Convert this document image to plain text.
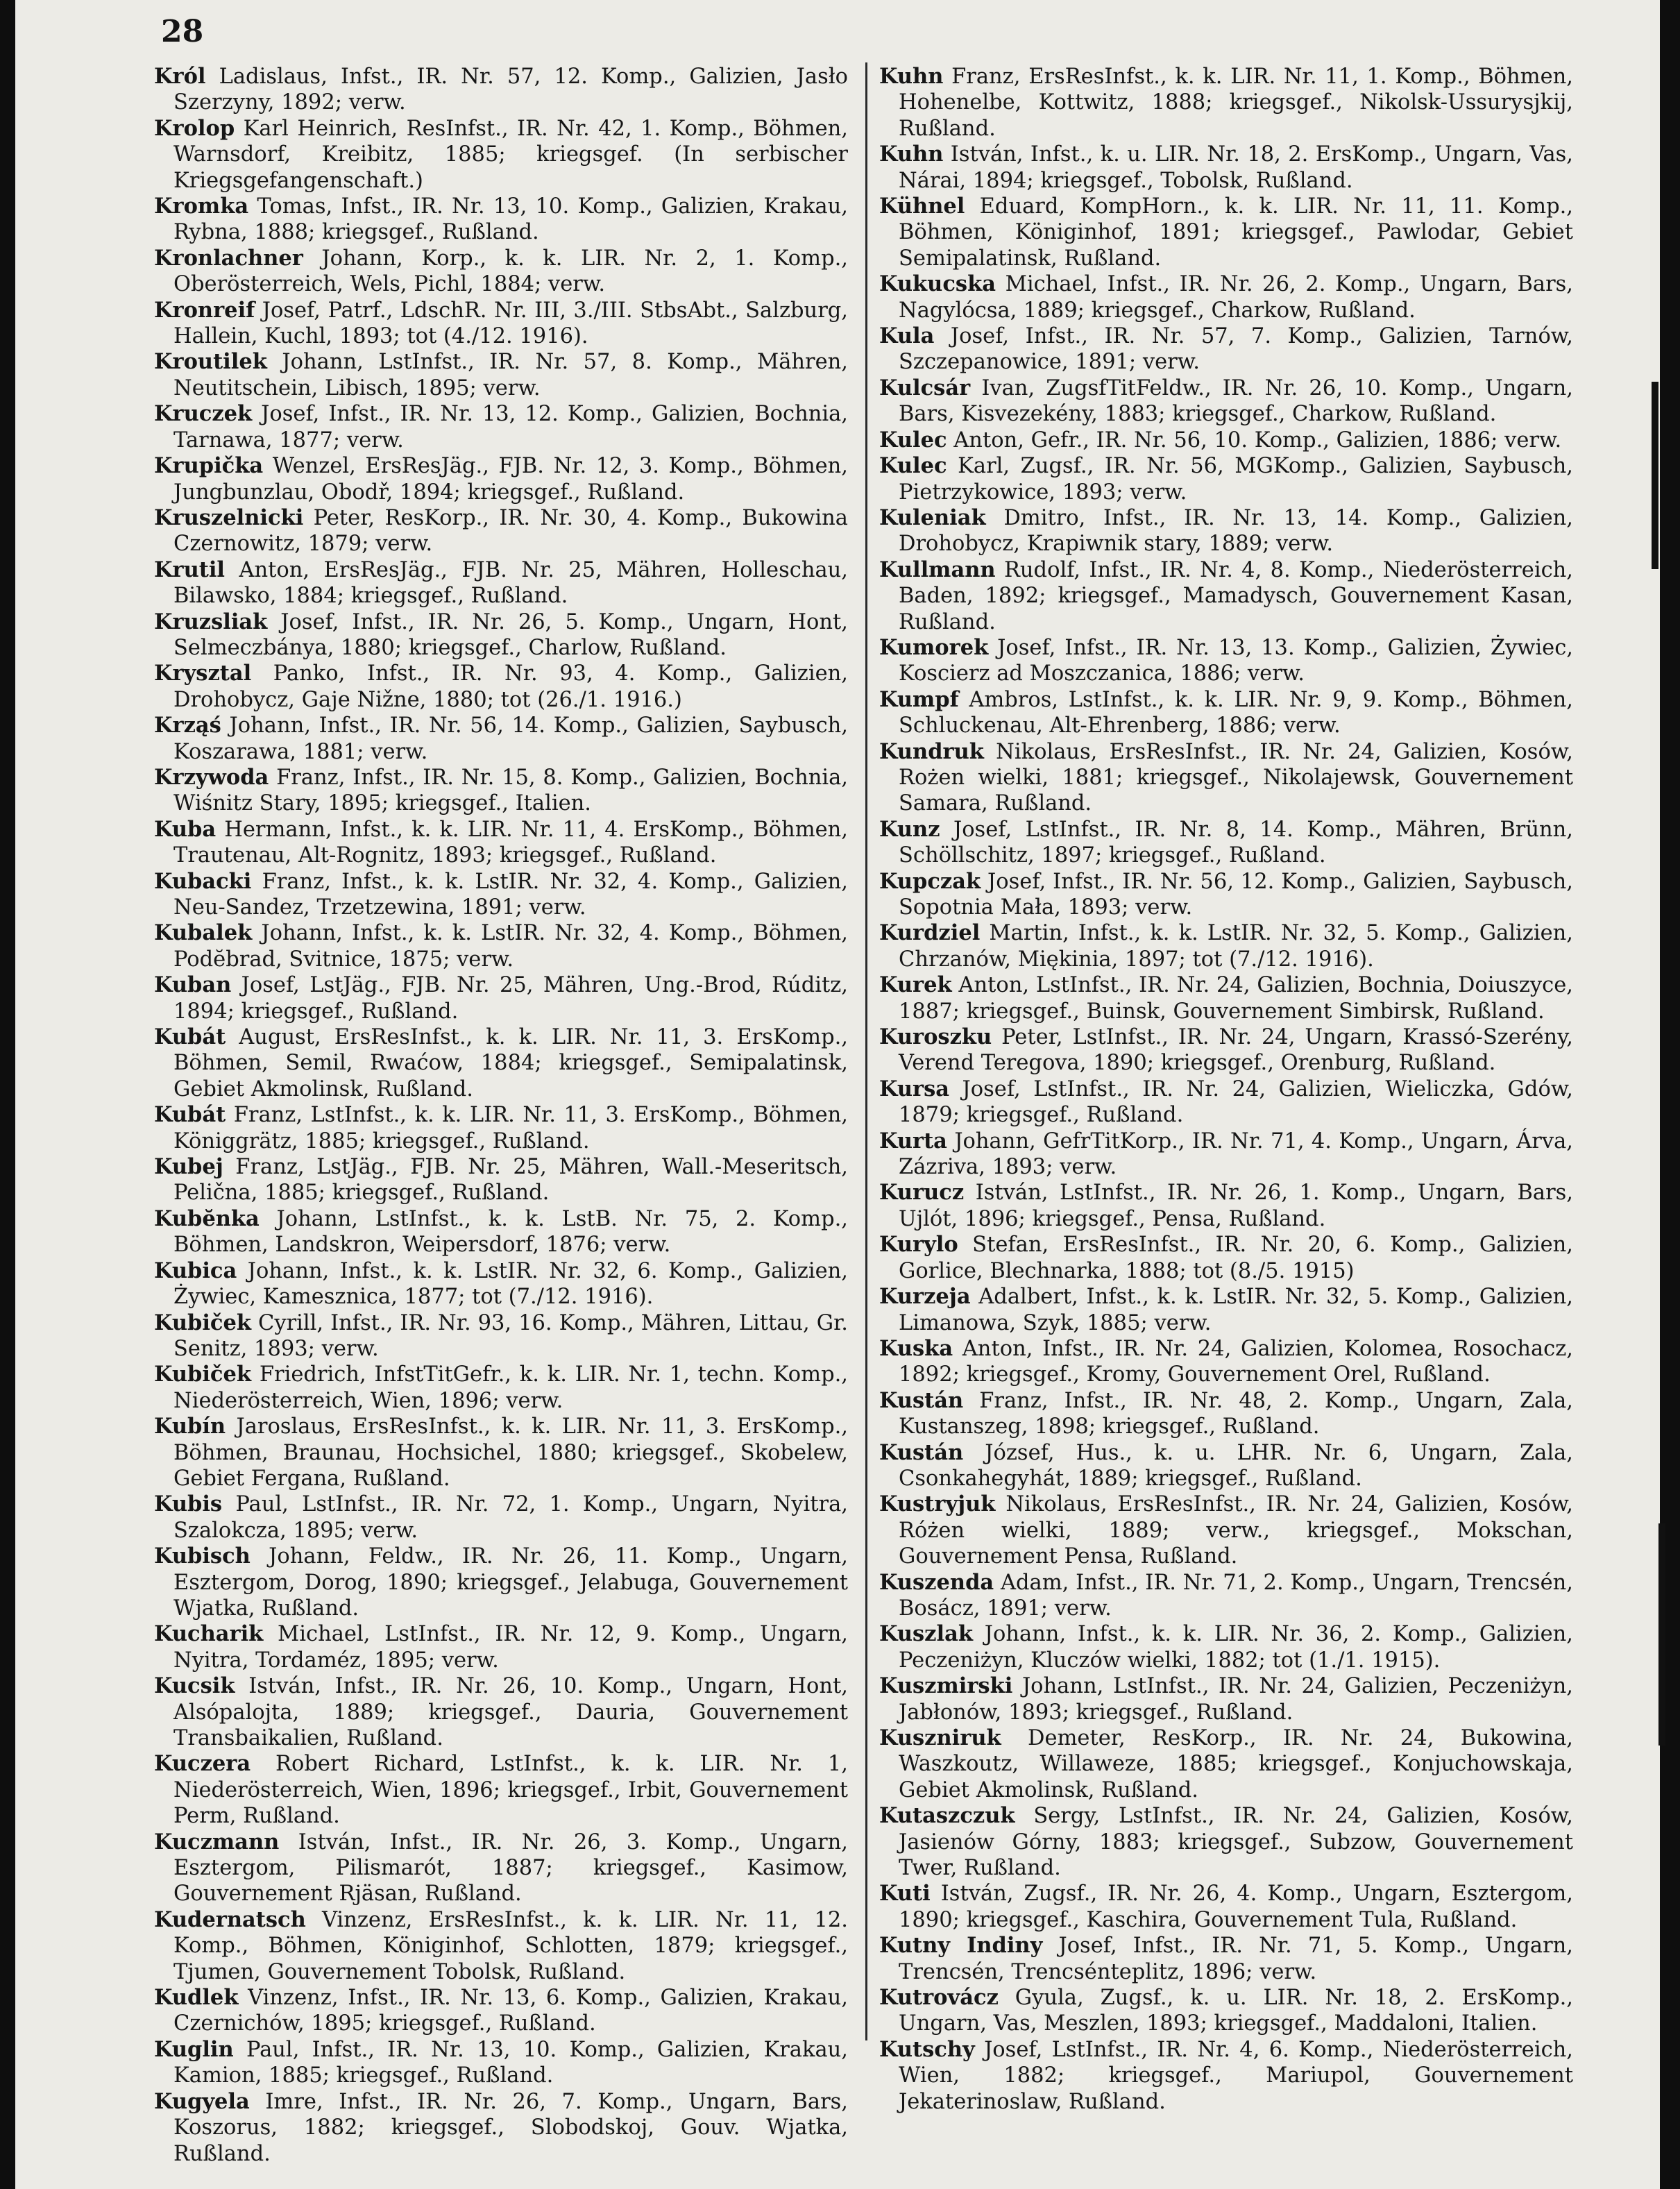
28
Król Ladislaus, Infst., IR. Nr. 57, 12. Komp., Galizien, Jasło Szerzyny, 1892; verw.
Krolop Karl Heinrich, ResInfst., IR. Nr. 42, 1. Komp., Böhmen, Warnsdorf, Kreibitz, 1885; kriegsgef. (In serbischer Kriegsgefangenschaft.)
Kromka Tomas, Infst., IR. Nr. 13, 10. Komp., Galizien, Krakau, Rybna, 1888; kriegsgef., Rußland.
Kronlachner Johann, Korp., k. k. LIR. Nr. 2, 1. Komp., Oberösterreich, Wels, Pichl, 1884; verw.
Kronreif Josef, Patrf., LdschR. Nr. III, 3./III. StbsAbt., Salzburg, Hallein, Kuchl, 1893; tot (4./12. 1916).
Kroutilek Johann, LstInfst., IR. Nr. 57, 8. Komp., Mähren, Neutitschein, Libisch, 1895; verw.
Kruczek Josef, Infst., IR. Nr. 13, 12. Komp., Galizien, Bochnia, Tarnawa, 1877; verw.
Krupička Wenzel, ErsResJäg., FJB. Nr. 12, 3. Komp., Böhmen, Jungbunzlau, Obodř, 1894; kriegsgef., Rußland.
Kruszelnicki Peter, ResKorp., IR. Nr. 30, 4. Komp., Bukowina Czernowitz, 1879; verw.
Krutil Anton, ErsResJäg., FJB. Nr. 25, Mähren, Holleschau, Bilawsko, 1884; kriegsgef., Rußland.
Kruzsliak Josef, Infst., IR. Nr. 26, 5. Komp., Ungarn, Hont, Selmeczbánya, 1880; kriegsgef., Charlow, Rußland.
Krysztal Panko, Infst., IR. Nr. 93, 4. Komp., Galizien, Drohobycz, Gaje Nižne, 1880; tot (26./1. 1916.)
Krząś Johann, Infst., IR. Nr. 56, 14. Komp., Galizien, Saybusch, Koszarawa, 1881; verw.
Krzywoda Franz, Infst., IR. Nr. 15, 8. Komp., Galizien, Bochnia, Wiśnitz Stary, 1895; kriegsgef., Italien.
Kuba Hermann, Infst., k. k. LIR. Nr. 11, 4. ErsKomp., Böhmen, Trautenau, Alt-Rognitz, 1893; kriegsgef., Rußland.
Kubacki Franz, Infst., k. k. LstIR. Nr. 32, 4. Komp., Galizien, Neu-Sandez, Trzetzewina, 1891; verw.
Kubalek Johann, Infst., k. k. LstIR. Nr. 32, 4. Komp., Böhmen, Podĕbrad, Svitnice, 1875; verw.
Kuban Josef, LstJäg., FJB. Nr. 25, Mähren, Ung.-Brod, Rúditz, 1894; kriegsgef., Rußland.
Kubát August, ErsResInfst., k. k. LIR. Nr. 11, 3. ErsKomp., Böhmen, Semil, Rwaćow, 1884; kriegsgef., Semipalatinsk, Gebiet Akmolinsk, Rußland.
Kubát Franz, LstInfst., k. k. LIR. Nr. 11, 3. ErsKomp., Böhmen, Königgrätz, 1885; kriegsgef., Rußland.
Kubej Franz, LstJäg., FJB. Nr. 25, Mähren, Wall.-Meseritsch, Pelična, 1885; kriegsgef., Rußland.
Kubĕnka Johann, LstInfst., k. k. LstB. Nr. 75, 2. Komp., Böhmen, Landskron, Weipersdorf, 1876; verw.
Kubica Johann, Infst., k. k. LstIR. Nr. 32, 6. Komp., Galizien, Żywiec, Kamesznica, 1877; tot (7./12. 1916).
Kubiček Cyrill, Infst., IR. Nr. 93, 16. Komp., Mähren, Littau, Gr. Senitz, 1893; verw.
Kubiček Friedrich, InfstTitGefr., k. k. LIR. Nr. 1, techn. Komp., Niederösterreich, Wien, 1896; verw.
Kubín Jaroslaus, ErsResInfst., k. k. LIR. Nr. 11, 3. ErsKomp., Böhmen, Braunau, Hochsichel, 1880; kriegsgef., Skobelew, Gebiet Fergana, Rußland.
Kubis Paul, LstInfst., IR. Nr. 72, 1. Komp., Ungarn, Nyitra, Szalokcza, 1895; verw.
Kubisch Johann, Feldw., IR. Nr. 26, 11. Komp., Ungarn, Esztergom, Dorog, 1890; kriegsgef., Jelabuga, Gouvernement Wjatka, Rußland.
Kucharik Michael, LstInfst., IR. Nr. 12, 9. Komp., Ungarn, Nyitra, Tordaméz, 1895; verw.
Kucsik István, Infst., IR. Nr. 26, 10. Komp., Ungarn, Hont, Alsópalojta, 1889; kriegsgef., Dauria, Gouvernement Transbaikalien, Rußland.
Kuczera Robert Richard, LstInfst., k. k. LIR. Nr. 1, Niederösterreich, Wien, 1896; kriegsgef., Irbit, Gouvernement Perm, Rußland.
Kuczmann István, Infst., IR. Nr. 26, 3. Komp., Ungarn, Esztergom, Pilismarót, 1887; kriegsgef., Kasimow, Gouvernement Rjäsan, Rußland.
Kudernatsch Vinzenz, ErsResInfst., k. k. LIR. Nr. 11, 12. Komp., Böhmen, Königinhof, Schlotten, 1879; kriegsgef., Tjumen, Gouvernement Tobolsk, Rußland.
Kudlek Vinzenz, Infst., IR. Nr. 13, 6. Komp., Galizien, Krakau, Czernichów, 1895; kriegsgef., Rußland.
Kuglin Paul, Infst., IR. Nr. 13, 10. Komp., Galizien, Krakau, Kamion, 1885; kriegsgef., Rußland.
Kugyela Imre, Infst., IR. Nr. 26, 7. Komp., Ungarn, Bars, Koszorus, 1882; kriegsgef., Slobodskoj, Gouv. Wjatka, Rußland.
Kuhn Franz, ErsResInfst., k. k. LIR. Nr. 11, 1. Komp., Böhmen, Hohenelbe, Kottwitz, 1888; kriegsgef., Nikolsk-Ussurysjkij, Rußland.
Kuhn István, Infst., k. u. LIR. Nr. 18, 2. ErsKomp., Ungarn, Vas, Nárai, 1894; kriegsgef., Tobolsk, Rußland.
Kühnel Eduard, KompHorn., k. k. LIR. Nr. 11, 11. Komp., Böhmen, Königinhof, 1891; kriegsgef., Pawlodar, Gebiet Semipalatinsk, Rußland.
Kukucska Michael, Infst., IR. Nr. 26, 2. Komp., Ungarn, Bars, Nagylócsa, 1889; kriegsgef., Charkow, Rußland.
Kula Josef, Infst., IR. Nr. 57, 7. Komp., Galizien, Tarnów, Szczepanowice, 1891; verw.
Kulcsár Ivan, ZugsfTitFeldw., IR. Nr. 26, 10. Komp., Ungarn, Bars, Kisvezekény, 1883; kriegsgef., Charkow, Rußland.
Kulec Anton, Gefr., IR. Nr. 56, 10. Komp., Galizien, 1886; verw.
Kulec Karl, Zugsf., IR. Nr. 56, MGKomp., Galizien, Saybusch, Pietrzykowice, 1893; verw.
Kuleniak Dmitro, Infst., IR. Nr. 13, 14. Komp., Galizien, Drohobycz, Krapiwnik stary, 1889; verw.
Kullmann Rudolf, Infst., IR. Nr. 4, 8. Komp., Niederösterreich, Baden, 1892; kriegsgef., Mamadysch, Gouvernement Kasan, Rußland.
Kumorek Josef, Infst., IR. Nr. 13, 13. Komp., Galizien, Żywiec, Koscierz ad Moszczanica, 1886; verw.
Kumpf Ambros, LstInfst., k. k. LIR. Nr. 9, 9. Komp., Böhmen, Schluckenau, Alt-Ehrenberg, 1886; verw.
Kundruk Nikolaus, ErsResInfst., IR. Nr. 24, Galizien, Kosów, Rożen wielki, 1881; kriegsgef., Nikolajewsk, Gouvernement Samara, Rußland.
Kunz Josef, LstInfst., IR. Nr. 8, 14. Komp., Mähren, Brünn, Schöllschitz, 1897; kriegsgef., Rußland.
Kupczak Josef, Infst., IR. Nr. 56, 12. Komp., Galizien, Saybusch, Sopotnia Mała, 1893; verw.
Kurdziel Martin, Infst., k. k. LstIR. Nr. 32, 5. Komp., Galizien, Chrzanów, Miękinia, 1897; tot (7./12. 1916).
Kurek Anton, LstInfst., IR. Nr. 24, Galizien, Bochnia, Doiuszyce, 1887; kriegsgef., Buinsk, Gouvernement Simbirsk, Rußland.
Kuroszku Peter, LstInfst., IR. Nr. 24, Ungarn, Krassó-Szerény, Verend Teregova, 1890; kriegsgef., Orenburg, Rußland.
Kursa Josef, LstInfst., IR. Nr. 24, Galizien, Wieliczka, Gdów, 1879; kriegsgef., Rußland.
Kurta Johann, GefrTitKorp., IR. Nr. 71, 4. Komp., Ungarn, Árva, Zázriva, 1893; verw.
Kurucz István, LstInfst., IR. Nr. 26, 1. Komp., Ungarn, Bars, Ujlót, 1896; kriegsgef., Pensa, Rußland.
Kurylo Stefan, ErsResInfst., IR. Nr. 20, 6. Komp., Galizien, Gorlice, Blechnarka, 1888; tot (8./5. 1915)
Kurzeja Adalbert, Infst., k. k. LstIR. Nr. 32, 5. Komp., Galizien, Limanowa, Szyk, 1885; verw.
Kuska Anton, Infst., IR. Nr. 24, Galizien, Kolomea, Rosochacz, 1892; kriegsgef., Kromy, Gouvernement Orel, Rußland.
Kustán Franz, Infst., IR. Nr. 48, 2. Komp., Ungarn, Zala, Kustanszeg, 1898; kriegsgef., Rußland.
Kustán József, Hus., k. u. LHR. Nr. 6, Ungarn, Zala, Csonkahegyhát, 1889; kriegsgef., Rußland.
Kustryjuk Nikolaus, ErsResInfst., IR. Nr. 24, Galizien, Kosów, Różen wielki, 1889; verw., kriegsgef., Mokschan, Gouvernement Pensa, Rußland.
Kuszenda Adam, Infst., IR. Nr. 71, 2. Komp., Ungarn, Trencsén, Bosácz, 1891; verw.
Kuszlak Johann, Infst., k. k. LIR. Nr. 36, 2. Komp., Galizien, Peczeniżyn, Kluczów wielki, 1882; tot (1./1. 1915).
Kuszmirski Johann, LstInfst., IR. Nr. 24, Galizien, Peczeniżyn, Jabłonów, 1893; kriegsgef., Rußland.
Kuszniruk Demeter, ResKorp., IR. Nr. 24, Bukowina, Waszkoutz, Willaweze, 1885; kriegsgef., Konjuchowskaja, Gebiet Akmolinsk, Rußland.
Kutaszczuk Sergy, LstInfst., IR. Nr. 24, Galizien, Kosów, Jasienów Górny, 1883; kriegsgef., Subzow, Gouvernement Twer, Rußland.
Kuti István, Zugsf., IR. Nr. 26, 4. Komp., Ungarn, Esztergom, 1890; kriegsgef., Kaschira, Gouvernement Tula, Rußland.
Kutny Indiny Josef, Infst., IR. Nr. 71, 5. Komp., Ungarn, Trencsén, Trencsénteplitz, 1896; verw.
Kutrovácz Gyula, Zugsf., k. u. LIR. Nr. 18, 2. ErsKomp., Ungarn, Vas, Meszlen, 1893; kriegsgef., Maddaloni, Italien.
Kutschy Josef, LstInfst., IR. Nr. 4, 6. Komp., Niederösterreich, Wien, 1882; kriegsgef., Mariupol, Gouvernement Jekaterinoslaw, Rußland.
